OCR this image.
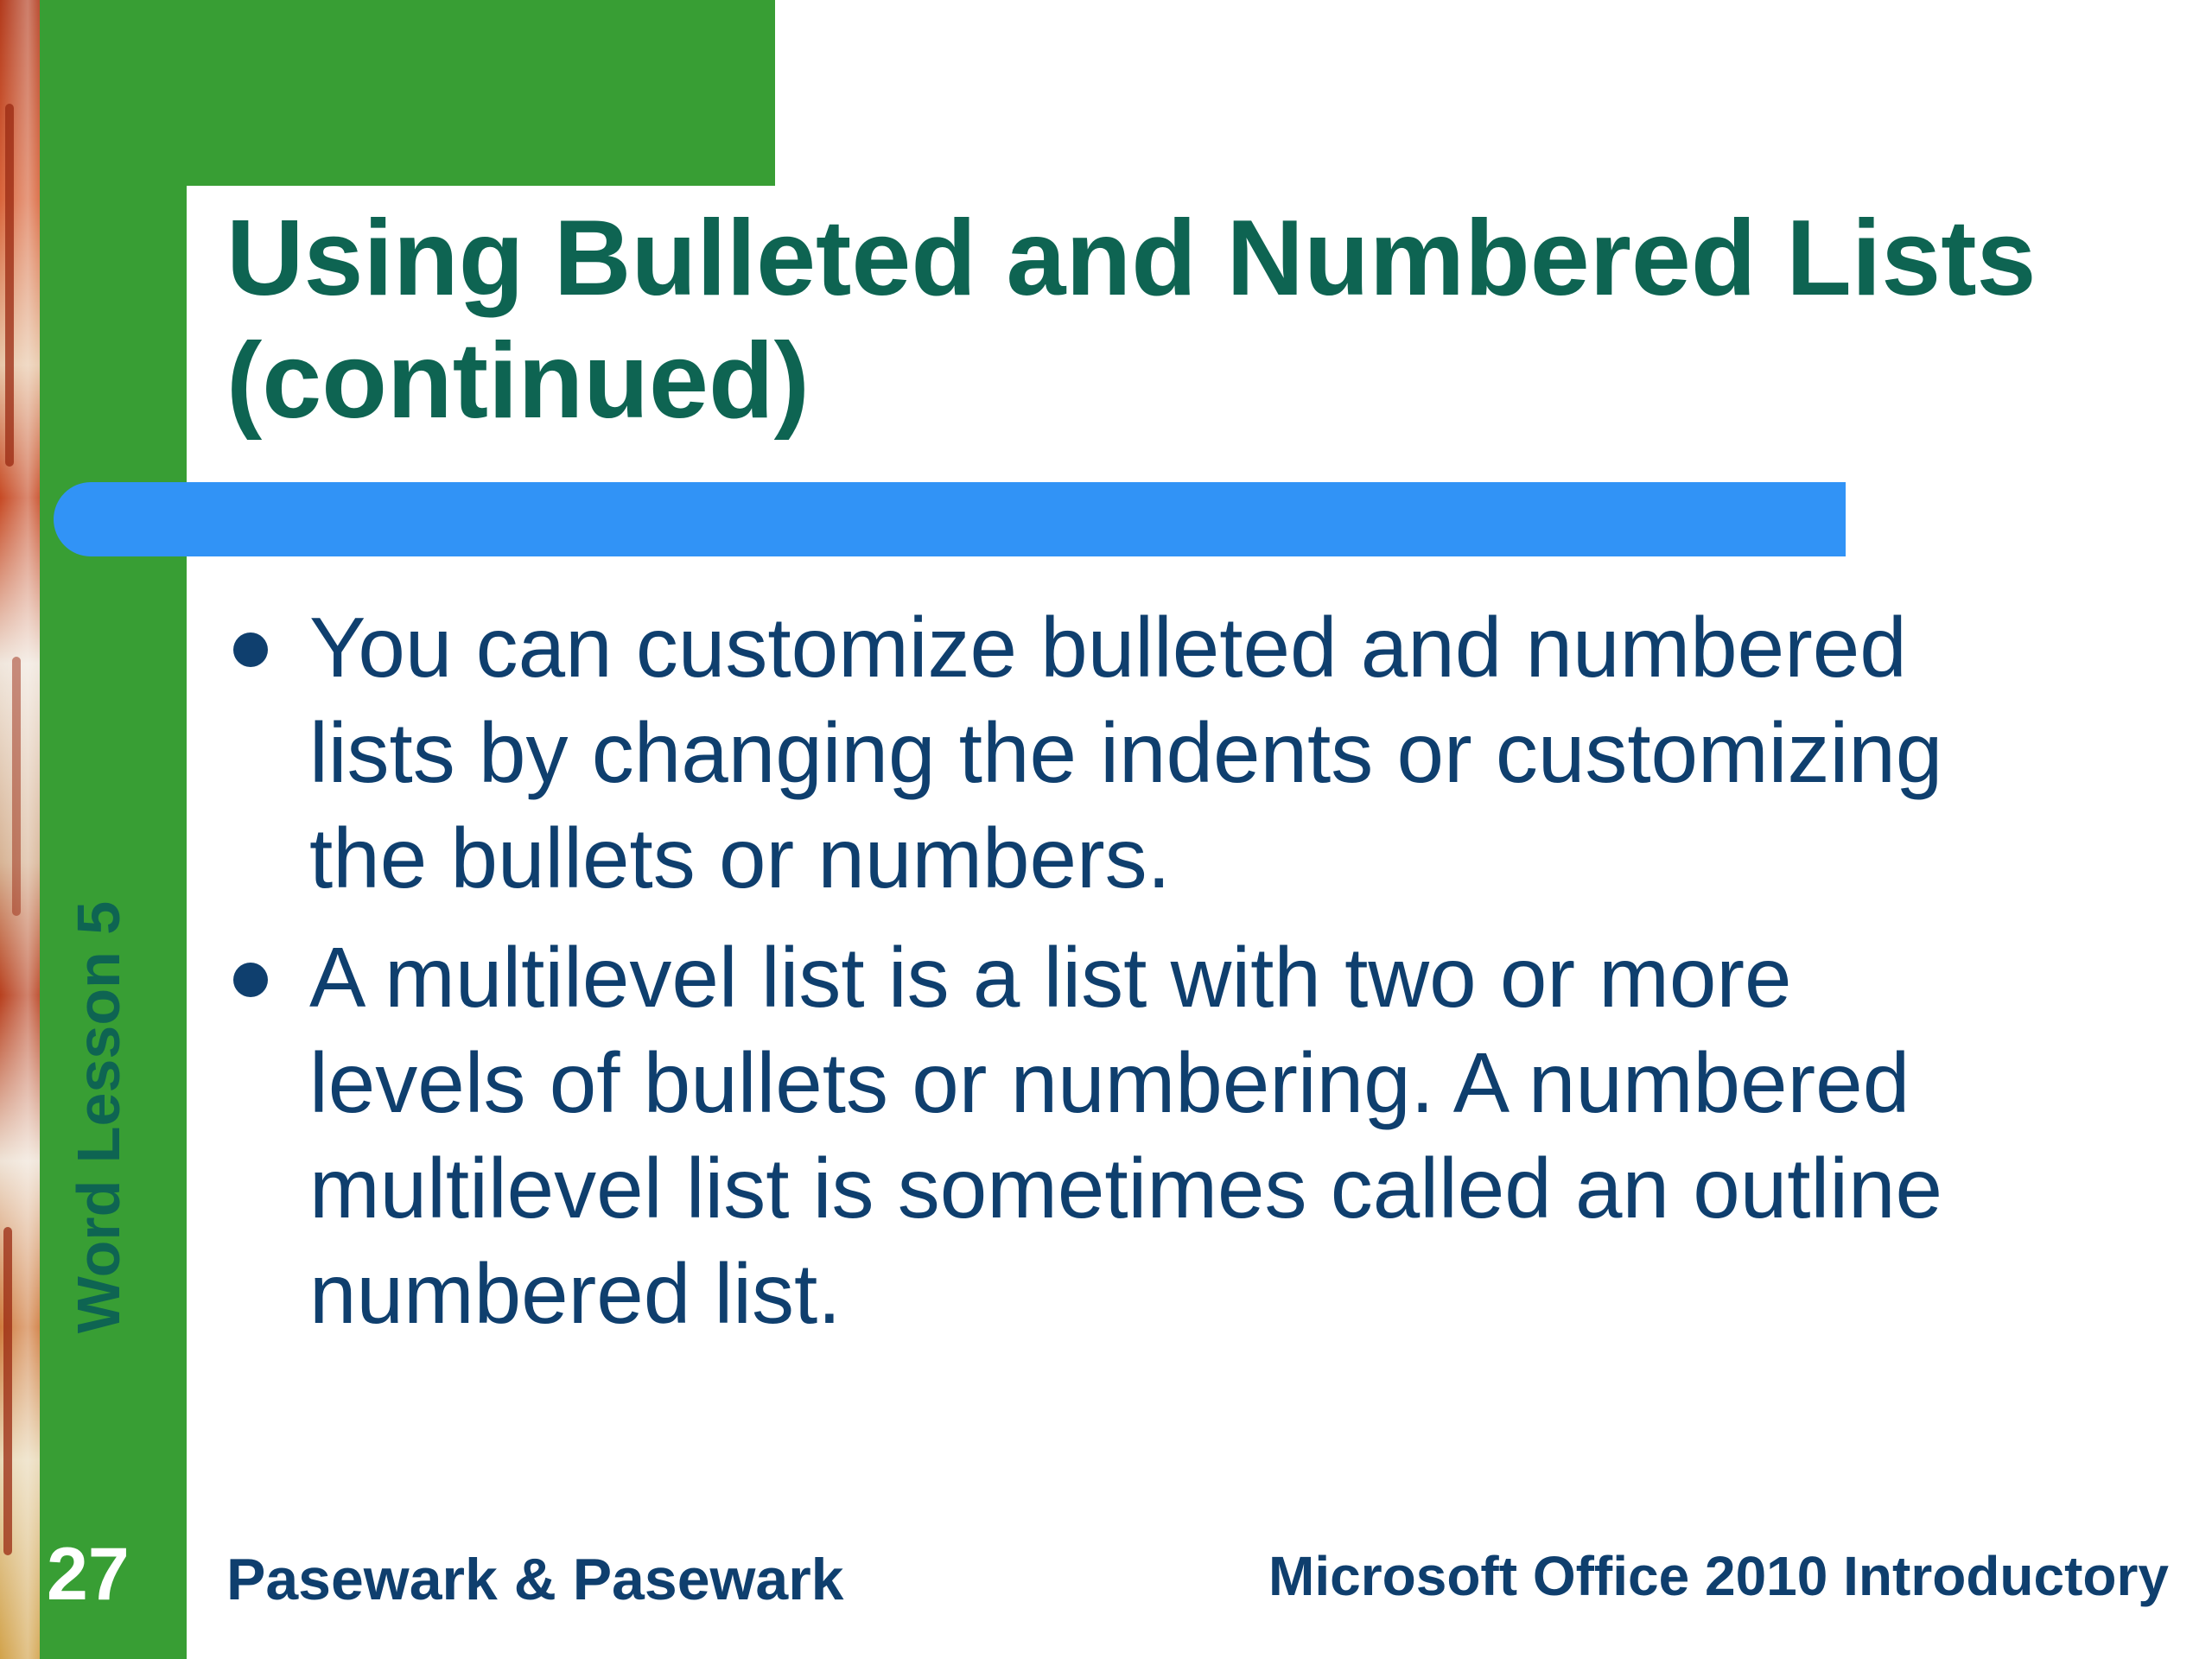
Using Bulleted and Numbered Lists (continued)
You can customize bulleted and numbered lists by changing the indents or customizing the bullets or numbers.
A multilevel list is a list with two or more levels of bullets or numbering. A numbered multilevel list is sometimes called an outline numbered list.
Word Lesson 5
27 Pasewark & Pasewark	Microsoft Office 2010 Introductory
